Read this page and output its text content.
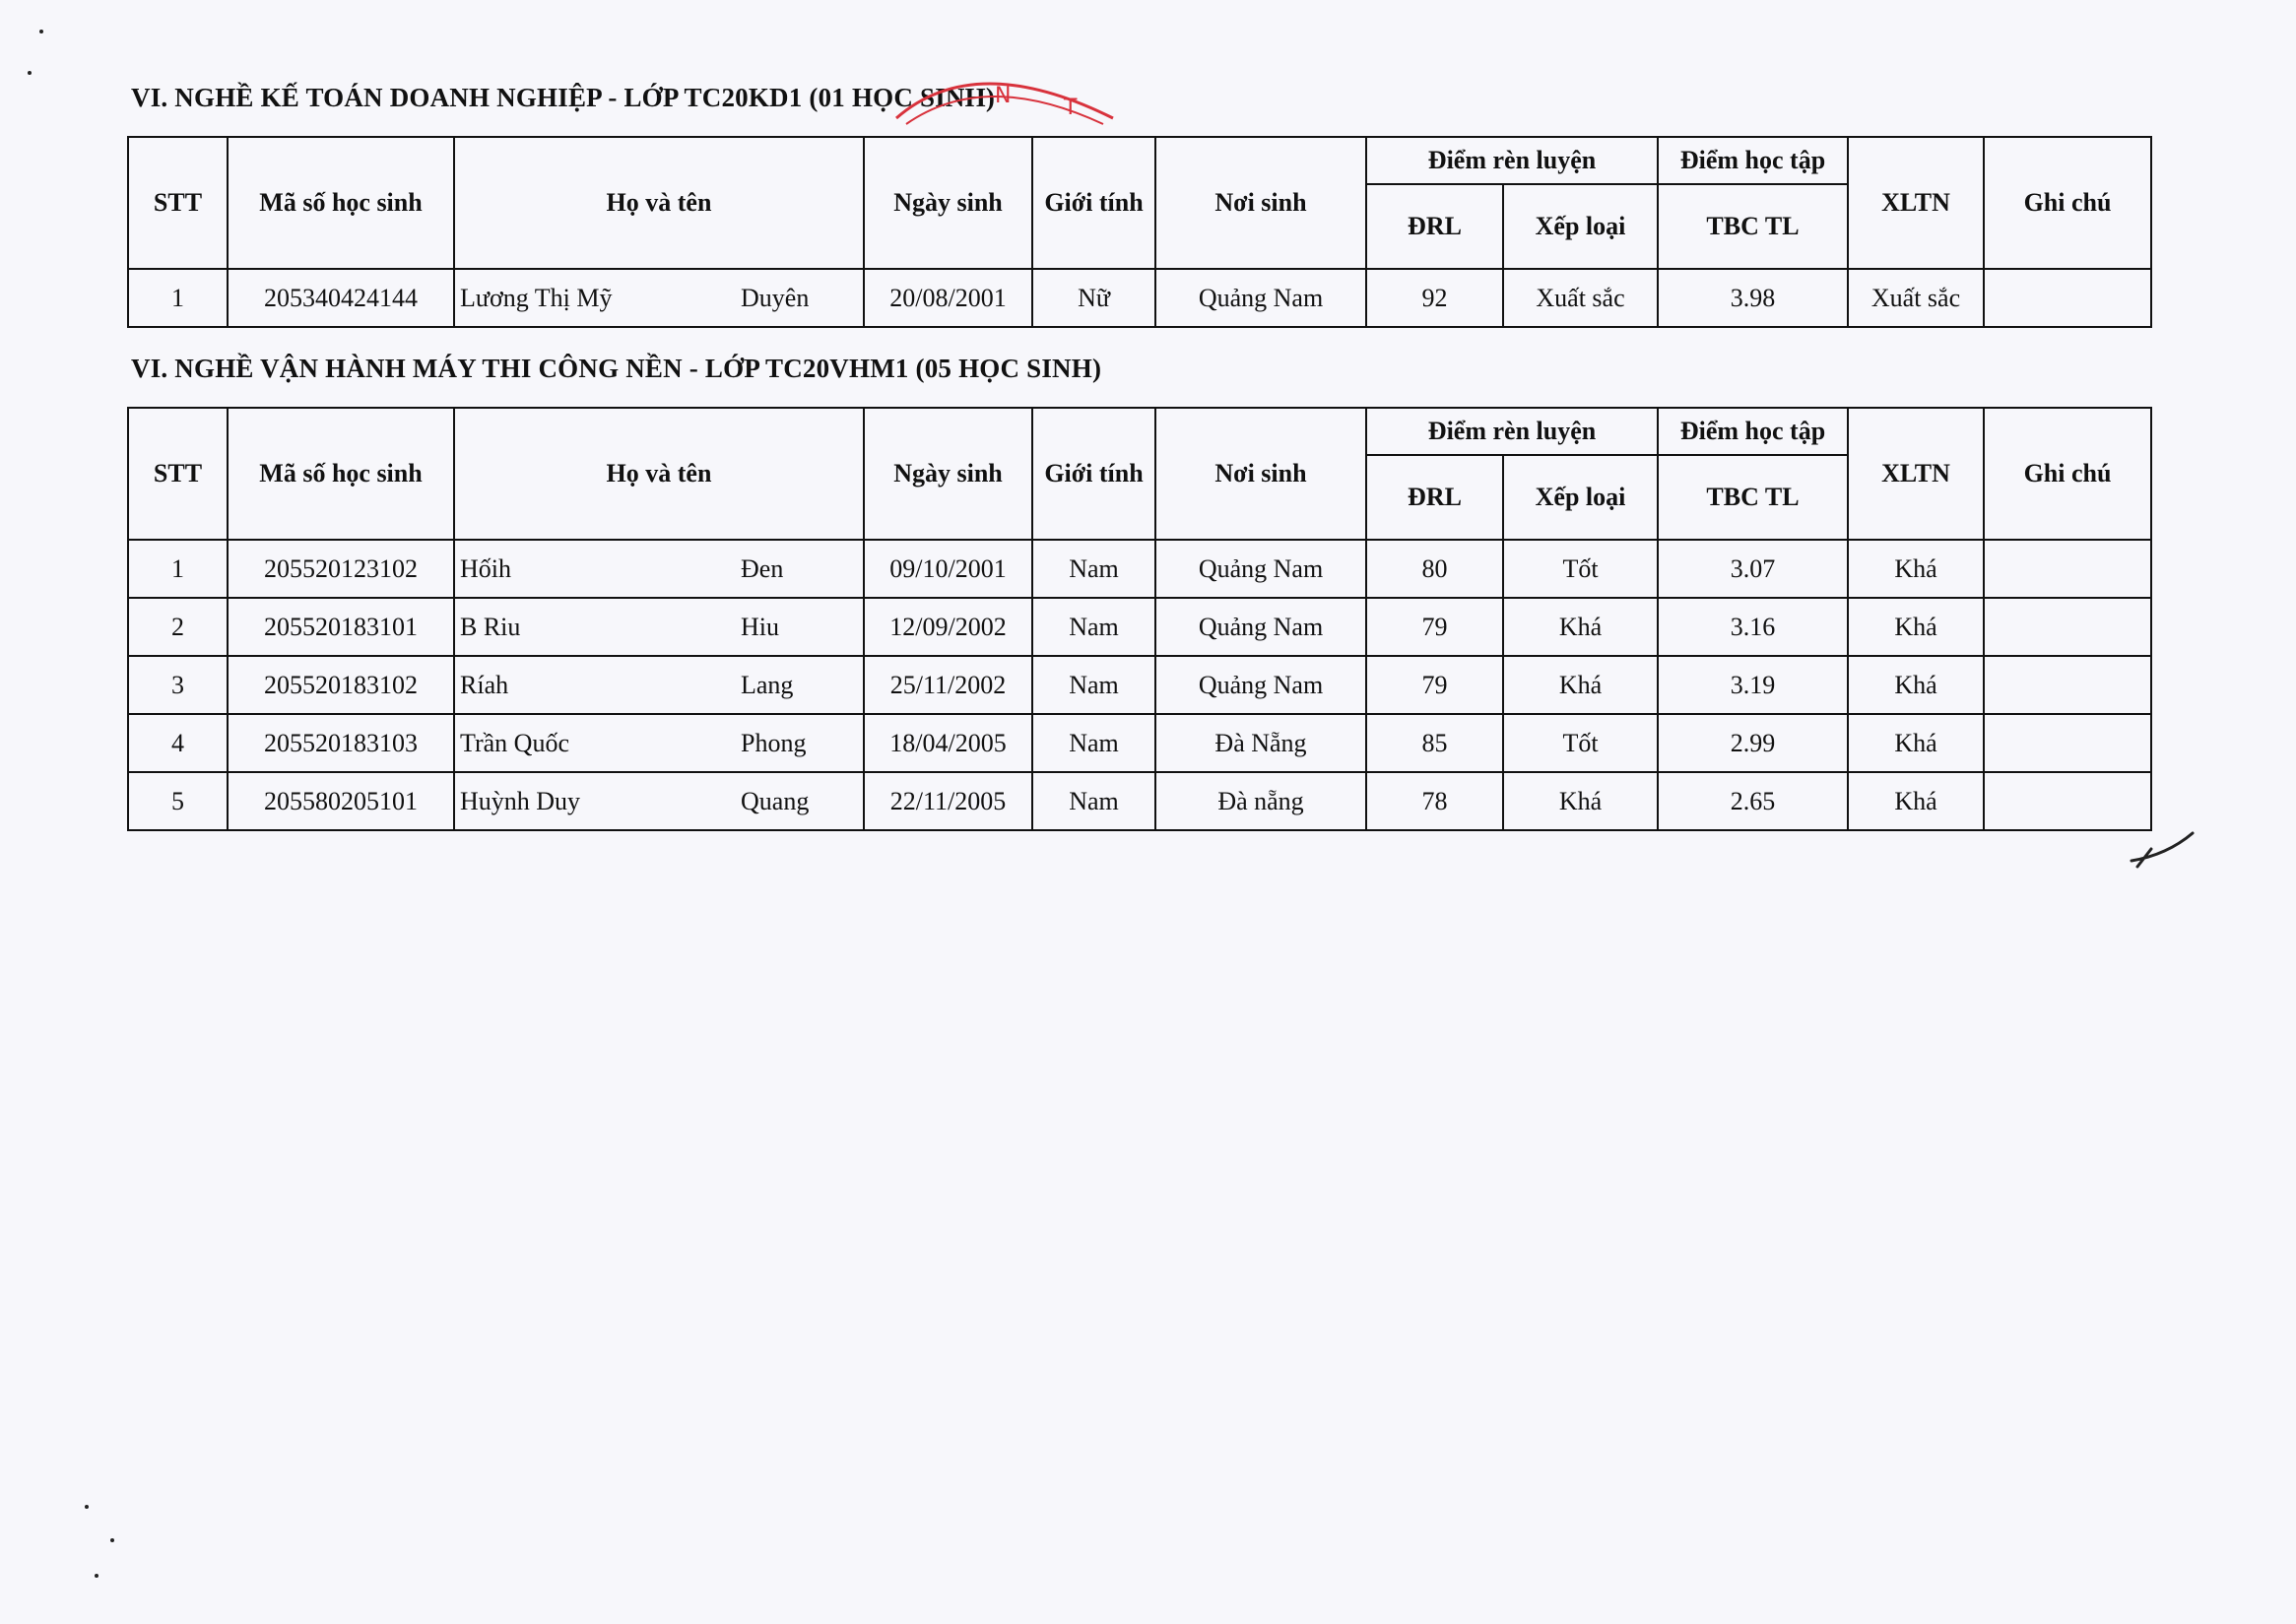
VI. NGHỀ KẾ TOÁN DOANH NGHIỆP - LỚP TC20KD1 (01 HỌC SINH) N T
STT	Mã số học sinh	Họ và tên	Ngày sinh	Giới tính	Nơi sinh	Điểm rèn luyện		Điểm học tập	XLTN	Ghi chú
						ĐRL	Xếp loại	TBC TL		
1	205340424144	Lương Thị Mỹ Duyên	20/08/2001	Nữ	Quảng Nam	92	Xuất sắc	3.98	Xuất sắc	
VI. NGHỀ VẬN HÀNH MÁY THI CÔNG NỀN - LỚP TC20VHM1 (05 HỌC SINH)
STT	Mã số học sinh	Họ và tên	Ngày sinh	Giới tính	Nơi sinh	Điểm rèn luyện		Điểm học tập	XLTN	Ghi chú
						ĐRL	Xếp loại	TBC TL		
1	205520123102	Hốih Đen	09/10/2001	Nam	Quảng Nam	80	Tốt	3.07	Khá	
2	205520183101	B Riu Hiu	12/09/2002	Nam	Quảng Nam	79	Khá	3.16	Khá	
3	205520183102	Ríah Lang	25/11/2002	Nam	Quảng Nam	79	Khá	3.19	Khá	
4	205520183103	Trần Quốc Phong	18/04/2005	Nam	Đà Nẵng	85	Tốt	2.99	Khá	
5	205580205101	Huỳnh Duy Quang	22/11/2005	Nam	Đà nẵng	78	Khá	2.65	Khá	
